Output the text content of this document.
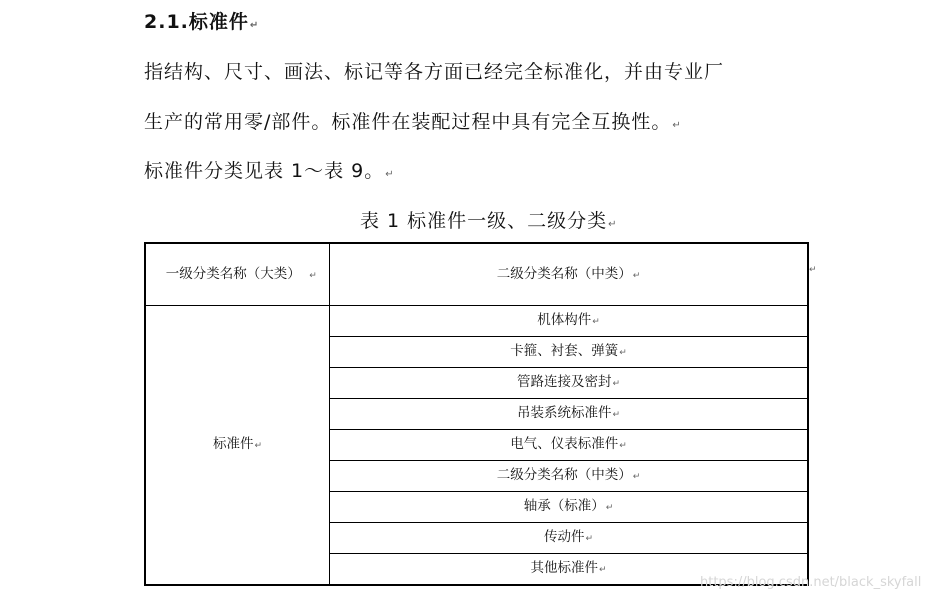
2.1.标准件↵
指结构、尺寸、画法、标记等各方面已经完全标准化，并由专业厂
生产的常用零/部件。标准件在装配过程中具有完全互换性。↵
标准件分类见表 1～表 9。↵
表 1 标准件一级、二级分类↵
一级分类名称（大类） ↵	二级分类名称（中类）↵
标准件↵	机体构件↵
	卡箍、衬套、弹簧↵
	管路连接及密封↵
	吊装系统标准件↵
	电气、仪表标准件↵
	二级分类名称（中类）↵
	轴承（标准）↵
	传动件↵
	其他标准件↵
↵
https://blog.csdn.net/black_skyfall
